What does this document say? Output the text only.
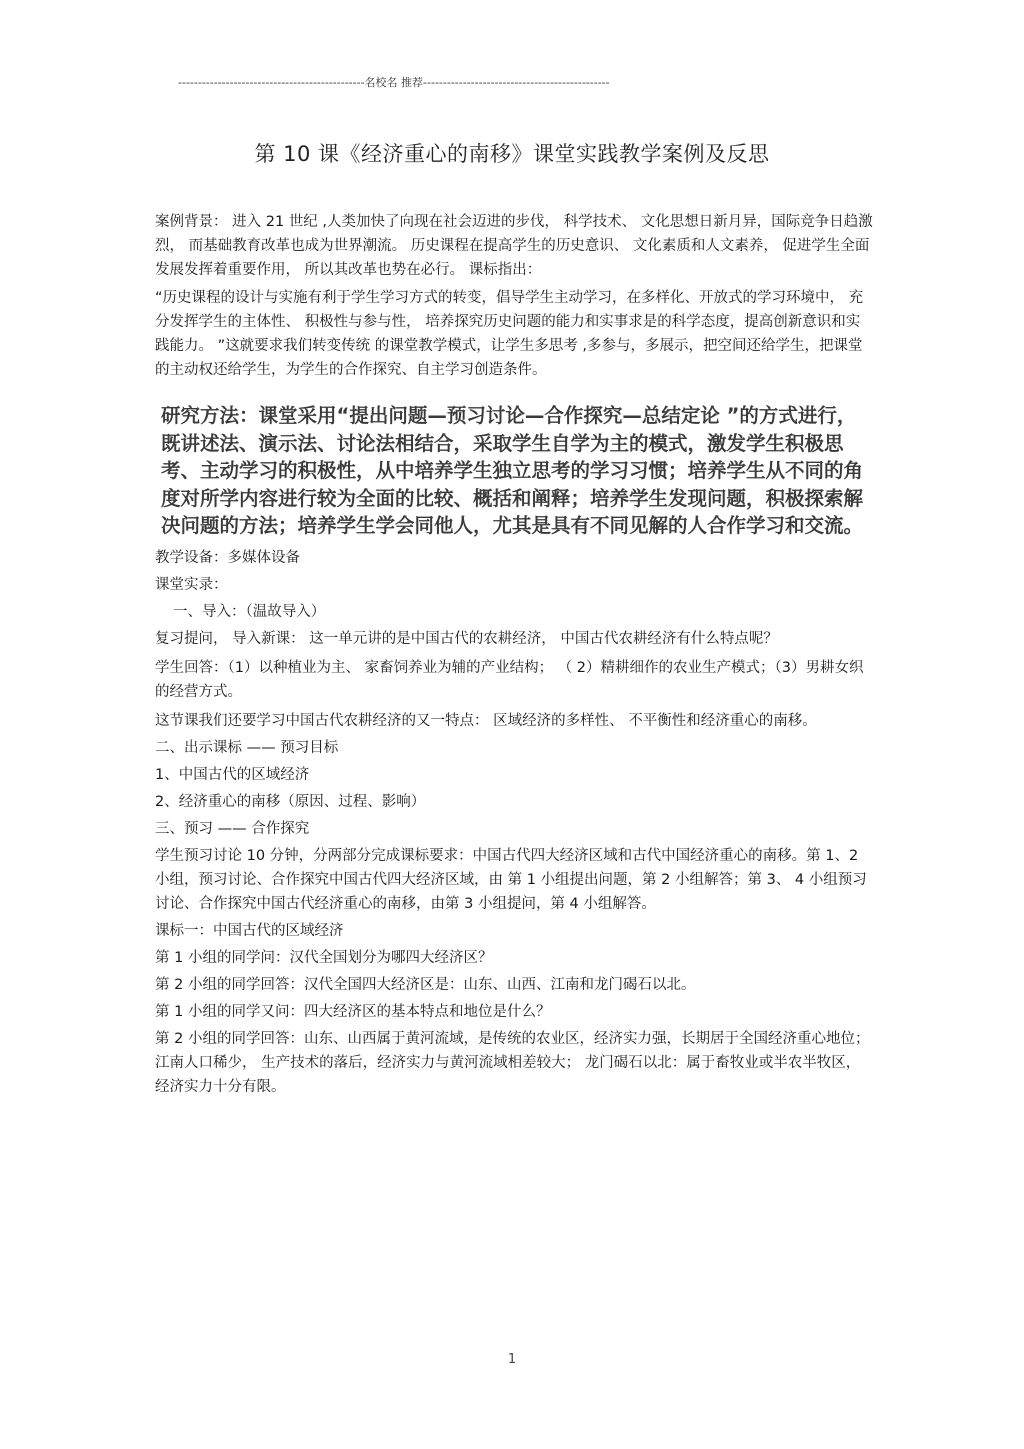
-----------------------------------------------名校名 推荐-----------------------------------------------
第 10 课《经济重心的南移》课堂实践教学案例及反思

案例背景： 进入 21 世纪 ,人类加快了向现在社会迈进的步伐， 科学技术、 文化思想日新月异，国际竞争日趋激烈， 而基础教育改革也成为世界潮流。 历史课程在提高学生的历史意识、 文化素质和人文素养， 促进学生全面发展发挥着重要作用， 所以其改革也势在必行。 课标指出：

“历史课程的设计与实施有利于学生学习方式的转变，倡导学生主动学习，在多样化、开放式的学习环境中， 充分发挥学生的主体性、 积极性与参与性， 培养探究历史问题的能力和实事求是的科学态度，提高创新意识和实践能力。 ”这就要求我们转变传统 的课堂教学模式，让学生多思考 ,多参与，多展示，把空间还给学生，把课堂的主动权还给学生，为学生的合作探究、自主学习创造条件。

研究方法：课堂采用“提出问题—预习讨论—合作探究—总结定论 ”的方式进行，既讲述法、演示法、讨论法相结合，采取学生自学为主的模式，激发学生积极思考、主动学习的积极性，从中培养学生独立思考的学习习惯；培养学生从不同的角度对所学内容进行较为全面的比较、概括和阐释；培养学生发现问题，积极探索解决问题的方法；培养学生学会同他人，尤其是具有不同见解的人合作学习和交流。

教学设备：多媒体设备

课堂实录：

一、导入：（温故导入）

复习提问， 导入新课： 这一单元讲的是中国古代的农耕经济， 中国古代农耕经济有什么特点呢？

学生回答：（1）以种植业为主、 家畜饲养业为辅的产业结构； （ 2）精耕细作的农业生产模式；（3）男耕女织的经营方式。

这节课我们还要学习中国古代农耕经济的又一特点： 区域经济的多样性、 不平衡性和经济重心的南移。

二、出示课标 —— 预习目标

1、中国古代的区域经济

2、经济重心的南移（原因、过程、影响）

三、预习 —— 合作探究

学生预习讨论 10 分钟，分两部分完成课标要求：中国古代四大经济区域和古代中国经济重心的南移。第 1、2 小组，预习讨论、合作探究中国古代四大经济区域，由 第 1 小组提出问题，第 2 小组解答；第 3、 4 小组预习讨论、合作探究中国古代经济重心的南移，由第 3 小组提问，第 4 小组解答。

课标一：中国古代的区域经济

第 1 小组的同学问：汉代全国划分为哪四大经济区？

第 2 小组的同学回答：汉代全国四大经济区是：山东、山西、江南和龙门碣石以北。

第 1 小组的同学又问：四大经济区的基本特点和地位是什么？

第 2 小组的同学回答：山东、山西属于黄河流域，是传统的农业区，经济实力强，长期居于全国经济重心地位； 江南人口稀少， 生产技术的落后，经济实力与黄河流域相差较大； 龙门碣石以北：属于畜牧业或半农半牧区，经济实力十分有限。

1
